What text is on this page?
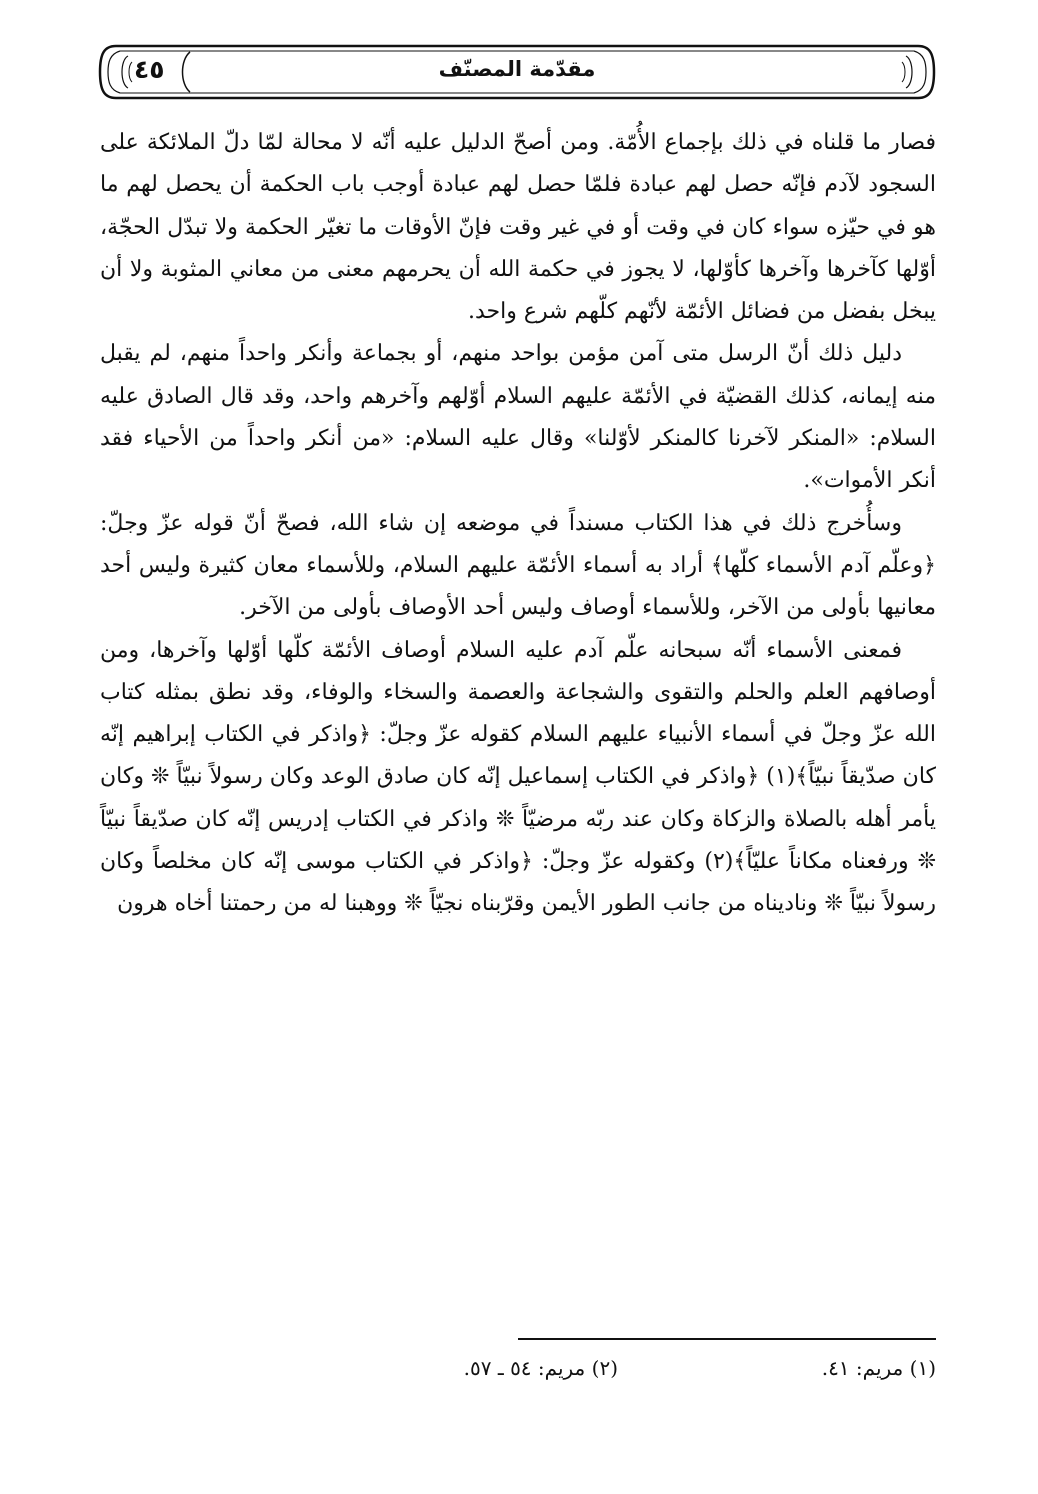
مقدّمة المصنّف
٤٥

فصار ما قلناه في ذلك بإجماع الأُمّة. ومن أصحّ الدليل عليه أنّه لا محالة لمّا دلّ الملائكة على السجود لآدم فإنّه حصل لهم عبادة فلمّا حصل لهم عبادة أوجب باب الحكمة أن يحصل لهم ما هو في حيّزه سواء كان في وقت أو في غير وقت فإنّ الأوقات ما تغيّر الحكمة ولا تبدّل الحجّة، أوّلها كآخرها وآخرها كأوّلها، لا يجوز في حكمة الله أن يحرمهم معنى من معاني المثوبة ولا أن يبخل بفضل من فضائل الأئمّة لأنّهم كلّهم شرع واحد.

دليل ذلك أنّ الرسل متى آمن مؤمن بواحد منهم، أو بجماعة وأنكر واحداً منهم، لم يقبل منه إيمانه، كذلك القضيّة في الأئمّة عليهم السلام أوّلهم وآخرهم واحد، وقد قال الصادق عليه السلام: «المنكر لآخرنا كالمنكر لأوّلنا» وقال عليه السلام: «من أنكر واحداً من الأحياء فقد أنكر الأموات».

وسأُخرج ذلك في هذا الكتاب مسنداً في موضعه إن شاء الله، فصحّ أنّ قوله عزّ وجلّ: ﴿وعلّم آدم الأسماء كلّها﴾ أراد به أسماء الأئمّة عليهم السلام، وللأسماء معان كثيرة وليس أحد معانيها بأولى من الآخر، وللأسماء أوصاف وليس أحد الأوصاف بأولى من الآخر.

فمعنى الأسماء أنّه سبحانه علّم آدم عليه السلام أوصاف الأئمّة كلّها أوّلها وآخرها، ومن أوصافهم العلم والحلم والتقوى والشجاعة والعصمة والسخاء والوفاء، وقد نطق بمثله كتاب الله عزّ وجلّ في أسماء الأنبياء عليهم السلام كقوله عزّ وجلّ: ﴿واذكر في الكتاب إبراهيم إنّه كان صدّيقاً نبيّاً﴾(١) ﴿واذكر في الكتاب إسماعيل إنّه كان صادق الوعد وكان رسولاً نبيّاً ❊ وكان يأمر أهله بالصلاة والزكاة وكان عند ربّه مرضيّاً ❊ واذكر في الكتاب إدريس إنّه كان صدّيقاً نبيّاً ❊ ورفعناه مكاناً عليّاً﴾(٢) وكقوله عزّ وجلّ: ﴿واذكر في الكتاب موسى إنّه كان مخلصاً وكان رسولاً نبيّاً ❊ وناديناه من جانب الطور الأيمن وقرّبناه نجيّاً ❊ ووهبنا له من رحمتنا أخاه هرون

(١) مريم: ٤١.
(٢) مريم: ٥٤ ـ ٥٧.
